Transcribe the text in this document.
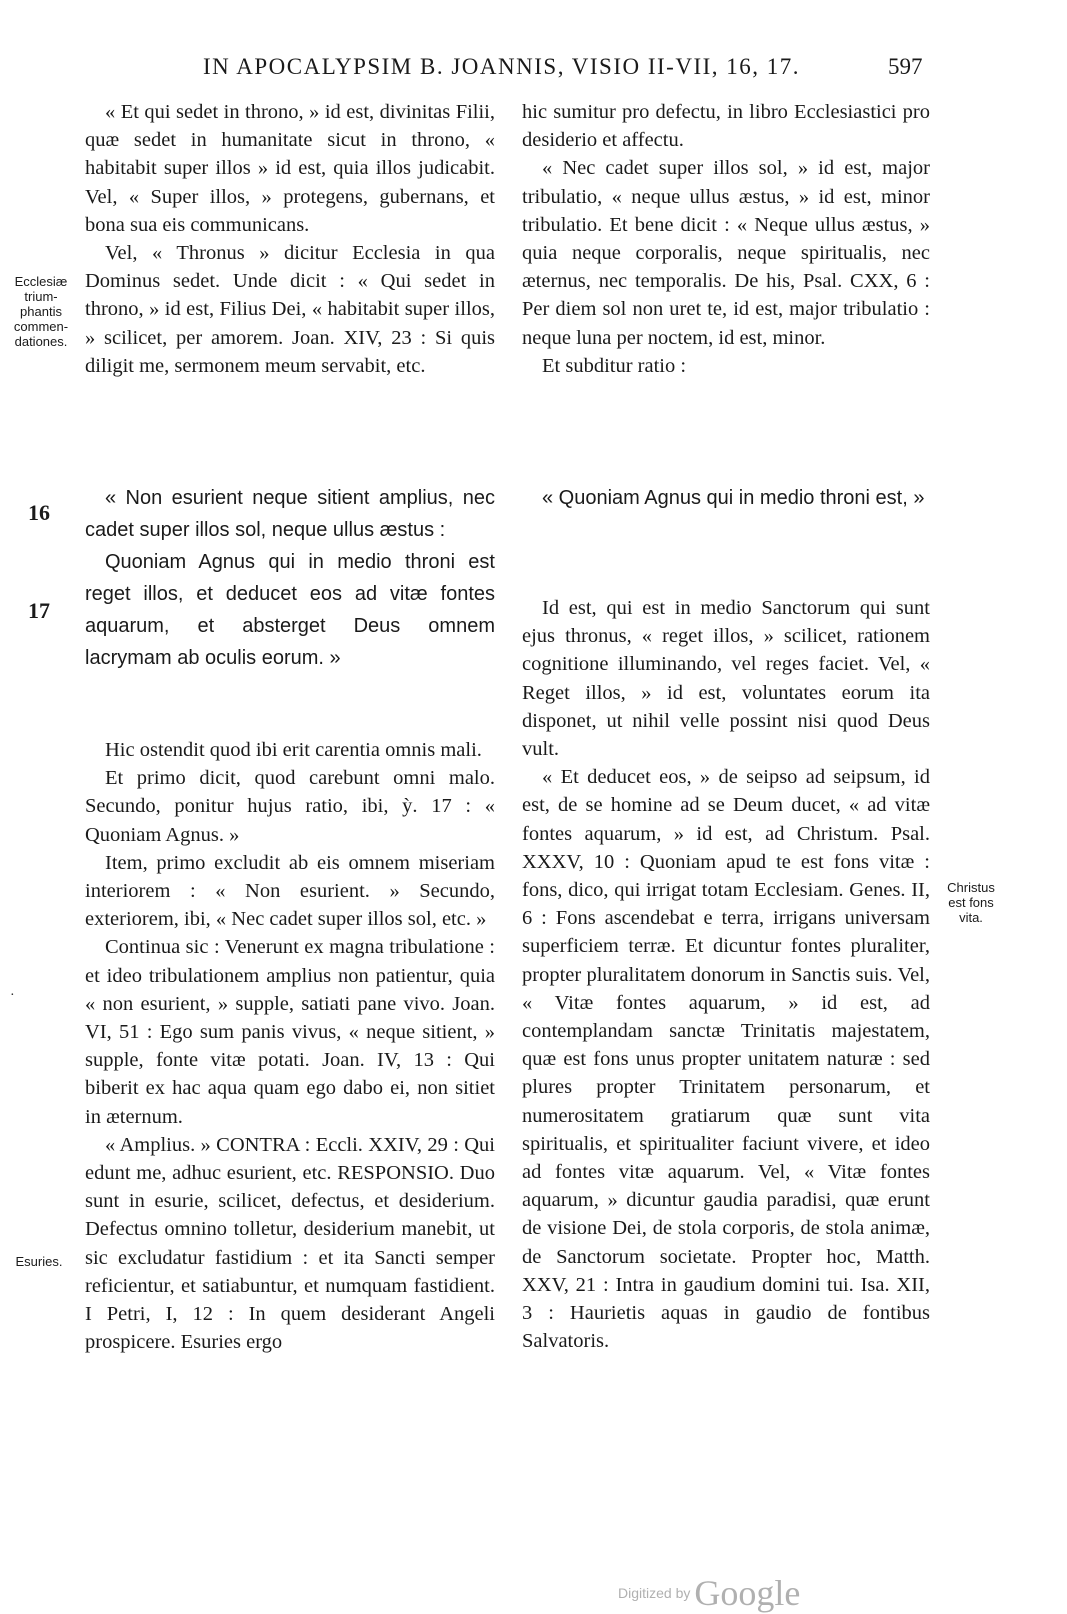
IN APOCALYPSIM B. JOANNIS, VISIO II-VII, 16, 17.	597
Ecclesiæ trium-phantis commen-dationes.
Christus est fons vita.
Esuries.
·
16
17

« Et qui sedet in throno, » id est, divinitas Filii, quæ sedet in humanitate sicut in throno, « habitabit super illos » id est, quia illos judicabit. Vel, « Super illos, » protegens, gubernans, et bona sua eis communicans.

Vel, « Thronus » dicitur Ecclesia in qua Dominus sedet. Unde dicit : « Qui sedet in throno, » id est, Filius Dei, « habitabit super illos, » scilicet, per amorem. Joan. XIV, 23 : Si quis diligit me, sermonem meum servabit, etc.

hic sumitur pro defectu, in libro Ecclesiastici pro desiderio et affectu.

« Nec cadet super illos sol, » id est, major tribulatio, « neque ullus æstus, » id est, minor tribulatio. Et bene dicit : « Neque ullus æstus, » quia neque corporalis, neque spiritualis, nec æternus, nec temporalis. De his, Psal. CXX, 6 : Per diem sol non uret te, id est, major tribulatio : neque luna per noctem, id est, minor.

Et subditur ratio :

« Non esurient neque sitient amplius, nec cadet super illos sol, neque ullus æstus :

Quoniam Agnus qui in medio throni est reget illos, et deducet eos ad vitæ fontes aquarum, et absterget Deus omnem lacrymam ab oculis eorum. »

« Quoniam Agnus qui in medio throni est, »

Hic ostendit quod ibi erit carentia omnis mali.

Et primo dicit, quod carebunt omni malo. Secundo, ponitur hujus ratio, ibi, ỳ. 17 : « Quoniam Agnus. »

Item, primo excludit ab eis omnem miseriam interiorem : « Non esurient. » Secundo, exteriorem, ibi, « Nec cadet super illos sol, etc. »

Continua sic : Venerunt ex magna tribulatione : et ideo tribulationem amplius non patientur, quia « non esurient, » supple, satiati pane vivo. Joan. VI, 51 : Ego sum panis vivus, « neque sitient, » supple, fonte vitæ potati. Joan. IV, 13 : Qui biberit ex hac aqua quam ego dabo ei, non sitiet in æternum.

« Amplius. » CONTRA : Eccli. XXIV, 29 : Qui edunt me, adhuc esurient, etc. RESPONSIO. Duo sunt in esurie, scilicet, defectus, et desiderium. Defectus omnino tolletur, desiderium manebit, ut sic excludatur fastidium : et ita Sancti semper reficientur, et satiabuntur, et numquam fastidient. I Petri, I, 12 : In quem desiderant Angeli prospicere. Esuries ergo

Id est, qui est in medio Sanctorum qui sunt ejus thronus, « reget illos, » scilicet, rationem cognitione illuminando, vel reges faciet. Vel, « Reget illos, » id est, voluntates eorum ita disponet, ut nihil velle possint nisi quod Deus vult.

« Et deducet eos, » de seipso ad seipsum, id est, de se homine ad se Deum ducet, « ad vitæ fontes aquarum, » id est, ad Christum. Psal. XXXV, 10 : Quoniam apud te est fons vitæ : fons, dico, qui irrigat totam Ecclesiam. Genes. II, 6 : Fons ascendebat e terra, irrigans universam superficiem terræ. Et dicuntur fontes pluraliter, propter pluralitatem donorum in Sanctis suis. Vel, « Vitæ fontes aquarum, » id est, ad contemplandam sanctæ Trinitatis majestatem, quæ est fons unus propter unitatem naturæ : sed plures propter Trinitatem personarum, et numerositatem gratiarum quæ sunt vita spiritualis, et spiritualiter faciunt vivere, et ideo ad fontes vitæ aquarum. Vel, « Vitæ fontes aquarum, » dicuntur gaudia paradisi, quæ erunt de visione Dei, de stola corporis, de stola animæ, de Sanctorum societate. Propter hoc, Matth. XXV, 21 : Intra in gaudium domini tui. Isa. XII, 3 : Haurietis aquas in gaudio de fontibus Salvatoris.

Digitized by Google
